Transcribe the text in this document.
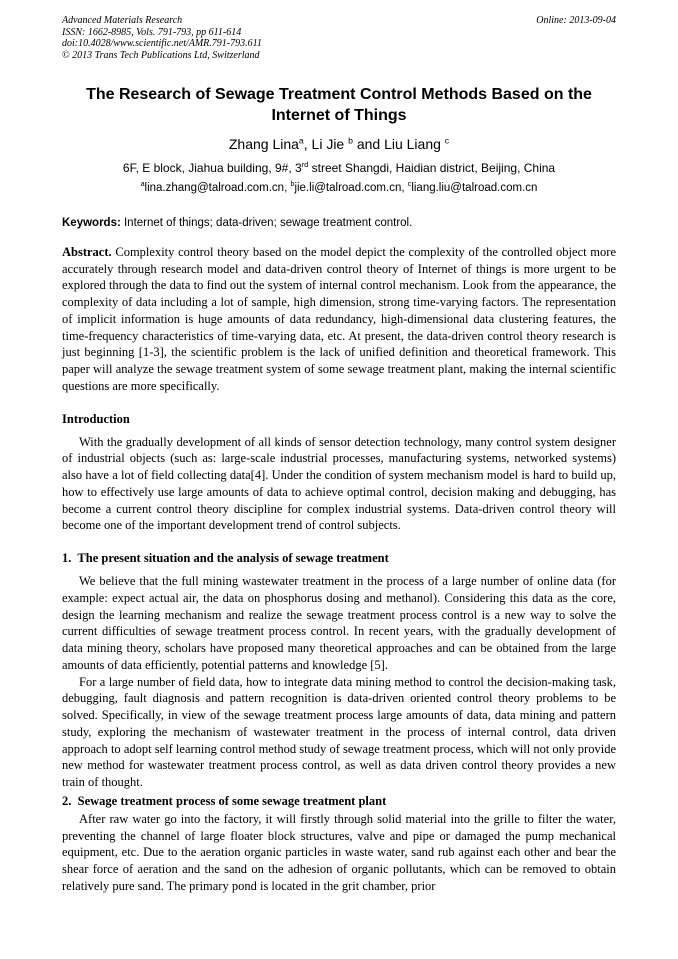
Advanced Materials Research
ISSN: 1662-8985, Vols. 791-793, pp 611-614
doi:10.4028/www.scientific.net/AMR.791-793.611
© 2013 Trans Tech Publications Ltd, Switzerland
Online: 2013-09-04
The Research of Sewage Treatment Control Methods Based on the Internet of Things
Zhang Lina$^a$, Li Jie $^b$ and Liu Liang $^c$
6F, E block, Jiahua building, 9#, 3rd street Shangdi, Haidian district, Beijing, China
$^a$lina.zhang@talroad.com.cn, $^b$jie.li@talroad.com.cn, $^c$liang.liu@talroad.com.cn
Keywords: Internet of things; data-driven; sewage treatment control.

Abstract. Complexity control theory based on the model depict the complexity of the controlled object more accurately through research model and data-driven control theory of Internet of things is more urgent to be explored through the data to find out the system of internal control mechanism. Look from the appearance, the complexity of data including a lot of sample, high dimension, strong time-varying factors. The representation of implicit information is huge amounts of data redundancy, high-dimensional data clustering features, the time-frequency characteristics of time-varying data, etc. At present, the data-driven control theory research is just beginning [1-3], the scientific problem is the lack of unified definition and theoretical framework. This paper will analyze the sewage treatment system of some sewage treatment plant, making the internal scientific questions are more specifically.

Introduction

With the gradually development of all kinds of sensor detection technology, many control system designer of industrial objects (such as: large-scale industrial processes, manufacturing systems, networked systems) also have a lot of field collecting data[4]. Under the condition of system mechanism model is hard to build up, how to effectively use large amounts of data to achieve optimal control, decision making and debugging, has become a current control theory discipline for complex industrial systems. Data-driven control theory will become one of the important development trend of control subjects.

1.  The present situation and the analysis of sewage treatment

We believe that the full mining wastewater treatment in the process of a large number of online data (for example: expect actual air, the data on phosphorus dosing and methanol). Considering this data as the core, design the learning mechanism and realize the sewage treatment process control is a new way to solve the current difficulties of sewage treatment process control. In recent years, with the gradually development of data mining theory, scholars have proposed many theoretical approaches and can be obtained from the large amounts of data efficiently, potential patterns and knowledge [5].

For a large number of field data, how to integrate data mining method to control the decision-making task, debugging, fault diagnosis and pattern recognition is data-driven oriented control theory problems to be solved. Specifically, in view of the sewage treatment process large amounts of data, data mining and pattern study, exploring the mechanism of wastewater treatment in the process of internal control, data driven approach to adopt self learning control method study of sewage treatment process, which will not only provide new method for wastewater treatment process control, as well as data driven control theory provides a new train of thought.

2.  Sewage treatment process of some sewage treatment plant

After raw water go into the factory, it will firstly through solid material into the grille to filter the water, preventing the channel of large floater block structures, valve and pipe or damaged the pump mechanical equipment, etc. Due to the aeration organic particles in waste water, sand rub against each other and bear the shear force of aeration and the sand on the adhesion of organic pollutants, which can be removed to obtain relatively pure sand. The primary pond is located in the grit chamber, prior
